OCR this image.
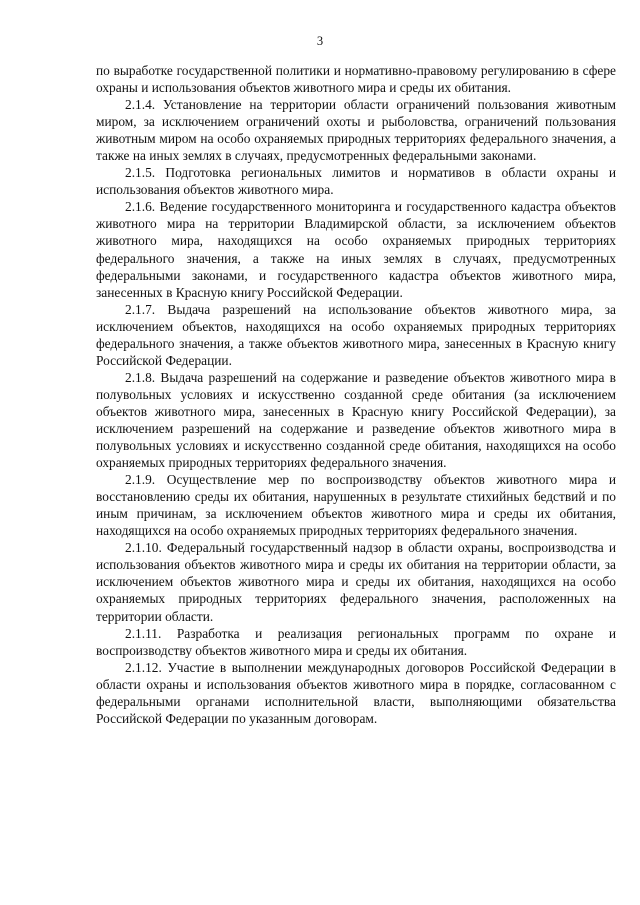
3

по выработке государственной политики и нормативно-правовому регулированию в сфере охраны и использования объектов животного мира и среды их обитания.

2.1.4. Установление на территории области ограничений пользования животным миром, за исключением ограничений охоты и рыболовства, ограничений пользования животным миром на особо охраняемых природных территориях федерального значения, а также на иных землях в случаях, предусмотренных федеральными законами.

2.1.5. Подготовка региональных лимитов и нормативов в области охраны и использования объектов животного мира.

2.1.6. Ведение государственного мониторинга и государственного кадастра объектов животного мира на территории Владимирской области, за исключением объектов животного мира, находящихся на особо охраняемых природных территориях федерального значения, а также на иных землях в случаях, предусмотренных федеральными законами, и государственного кадастра объектов животного мира, занесенных в Красную книгу Российской Федерации.

2.1.7. Выдача разрешений на использование объектов животного мира, за исключением объектов, находящихся на особо охраняемых природных территориях федерального значения, а также объектов животного мира, занесенных в Красную книгу Российской Федерации.

2.1.8. Выдача разрешений на содержание и разведение объектов животного мира в полувольных условиях и искусственно созданной среде обитания (за исключением объектов животного мира, занесенных в Красную книгу Российской Федерации), за исключением разрешений на содержание и разведение объектов животного мира в полувольных условиях и искусственно созданной среде обитания, находящихся на особо охраняемых природных территориях федерального значения.

2.1.9. Осуществление мер по воспроизводству объектов животного мира и восстановлению среды их обитания, нарушенных в результате стихийных бедствий и по иным причинам, за исключением объектов животного мира и среды их обитания, находящихся на особо охраняемых природных территориях федерального значения.

2.1.10. Федеральный государственный надзор в области охраны, воспроизводства и использования объектов животного мира и среды их обитания на территории области, за исключением объектов животного мира и среды их обитания, находящихся на особо охраняемых природных территориях федерального значения, расположенных на территории области.

2.1.11. Разработка и реализация региональных программ по охране и воспроизводству объектов животного мира и среды их обитания.

2.1.12. Участие в выполнении международных договоров Российской Федерации в области охраны и использования объектов животного мира в порядке, согласованном с федеральными органами исполнительной власти, выполняющими обязательства Российской Федерации по указанным договорам.
